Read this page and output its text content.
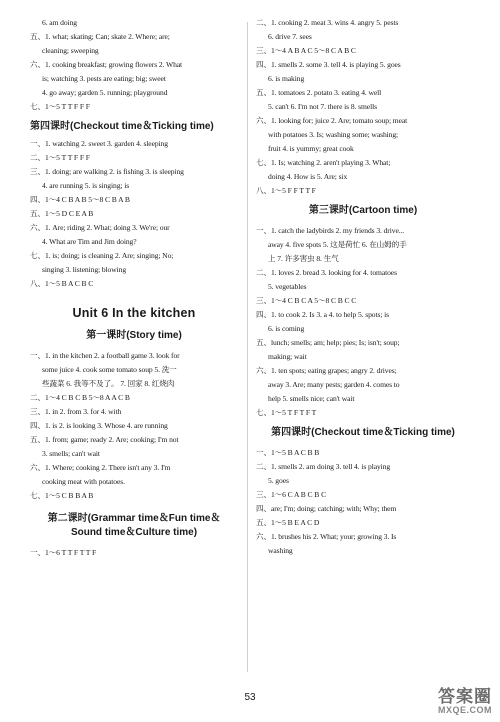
6. am doing
五、1. what; skating; Can; skate 2. Where; are;
cleaning; sweeping
六、1. cooking breakfast; growing flowers 2. What
is; watching 3. pests are eating; big; sweet
4. go away; garden 5. running; playground
七、1～5 T T F F F
第四课时(Checkout time＆Ticking time)
一、1. watching 2. sweet 3. garden 4. sleeping
二、1～5 T T F F F
三、1. doing; are walking 2. is fishing 3. is sleeping
4. are running 5. is singing; is
四、1～4 C B A B 5～8 C B A B
五、1～5 D C E A B
六、1. Are; riding 2. What; doing 3. We're; our
4. What are Tim and Jim doing?
七、1. is; doing; is cleaning 2. Are; singing; No;
singing 3. listening; blowing
八、1～5 B A C B C
Unit 6 In the kitchen
第一课时(Story time)
一、1. in the kitchen 2. a football game 3. look for
some juice 4. cook some tomato soup 5. 洗一
些蔬菜 6. 我等不及了。 7. 回家 8. 红烧肉
二、1～4 C B C B 5～8 A A C B
三、1. in 2. from 3. for 4. with
四、1. is 2. is looking 3. Whose 4. are running
五、1. from; game; ready 2. Are; cooking; I'm not
3. smells; can't wait
六、1. Where; cooking 2. There isn't any 3. I'm
cooking meat with potatoes.
七、1～5 C B B A B
第二课时(Grammar time＆Fun time＆
Sound time＆Culture time)
一、1～6 T T F T T F
二、1. cooking 2. meat 3. wins 4. angry 5. pests
6. drive 7. sees
三、1～4 A B A C 5～8 C A B C
四、1. smells 2. some 3. tell 4. is playing 5. goes
6. is making
五、1. tomatoes 2. potato 3. eating 4. well
5. can't 6. I'm not 7. there is 8. smells
六、1. looking for; juice 2. Are; tomato soup; meat
with potatoes 3. Is; washing some; washing;
fruit 4. is yummy; great cook
七、1. Is; watching 2. aren't playing 3. What;
doing 4. How is 5. Are; six
八、1～5 F F T T F
第三课时(Cartoon time)
一、1. catch the ladybirds 2. my friends 3. drive...
away 4. five spots 5. 这是荷忙 6. 在山姆的手
上 7. 许多害虫 8. 生气
二、1. loves 2. bread 3. looking for 4. tomatoes
5. vegetables
三、1～4 C B C A 5～8 C B C C
四、1. to cook 2. Is 3. a 4. to help 5. spots; is
6. is coming
五、lunch; smells; am; help; pies; Is; isn't; soup;
making; wait
六、1. ten spots; eating grapes; angry 2. drives;
away 3. Are; many pests; garden 4. comes to
help 5. smells nice; can't wait
七、1～5 T F T F T
第四课时(Checkout time＆Ticking time)
一、1～5 B A C B B
二、1. smells 2. am doing 3. tell 4. is playing
5. goes
三、1～6 C A B C B C
四、are; I'm; doing; catching; with; Why; them
五、1～5 B E A C D
六、1. brushes his 2. What; your; growing 3. Is
washing
53	答案圈
MXQE.COM
